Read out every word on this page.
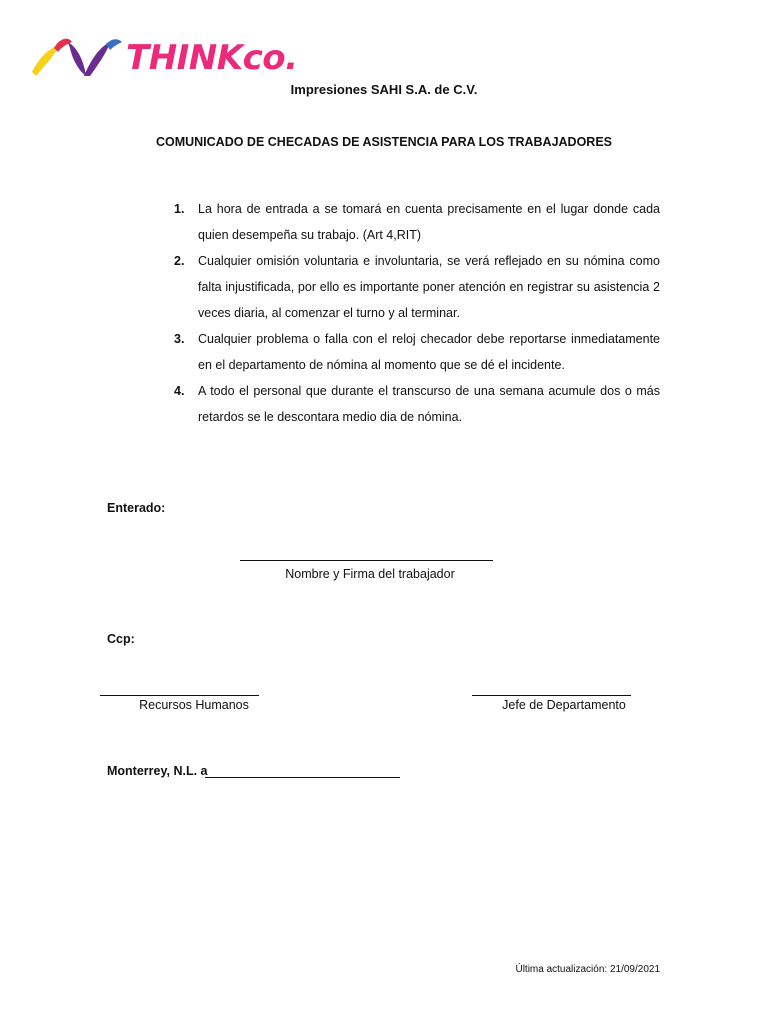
THINKco.
Impresiones SAHI S.A. de C.V.
COMUNICADO DE CHECADAS DE ASISTENCIA PARA LOS TRABAJADORES
1. La hora de entrada a se tomará en cuenta precisamente en el lugar donde cada quien desempeña su trabajo. (Art 4,RIT)
2. Cualquier omisión voluntaria e involuntaria, se verá reflejado en su nómina como falta injustificada, por ello es importante poner atención en registrar su asistencia 2 veces diaria, al comenzar el turno y al terminar.
3. Cualquier problema o falla con el reloj checador debe reportarse inmediatamente en el departamento de nómina al momento que se dé el incidente.
4. A todo el personal que durante el transcurso de una semana acumule dos o más retardos se le descontara medio dia de nómina.
Enterado:
Nombre y Firma del trabajador
Ccp:
Recursos Humanos	Jefe de Departamento
Monterrey, N.L. a
Última actualización: 21/09/2021
